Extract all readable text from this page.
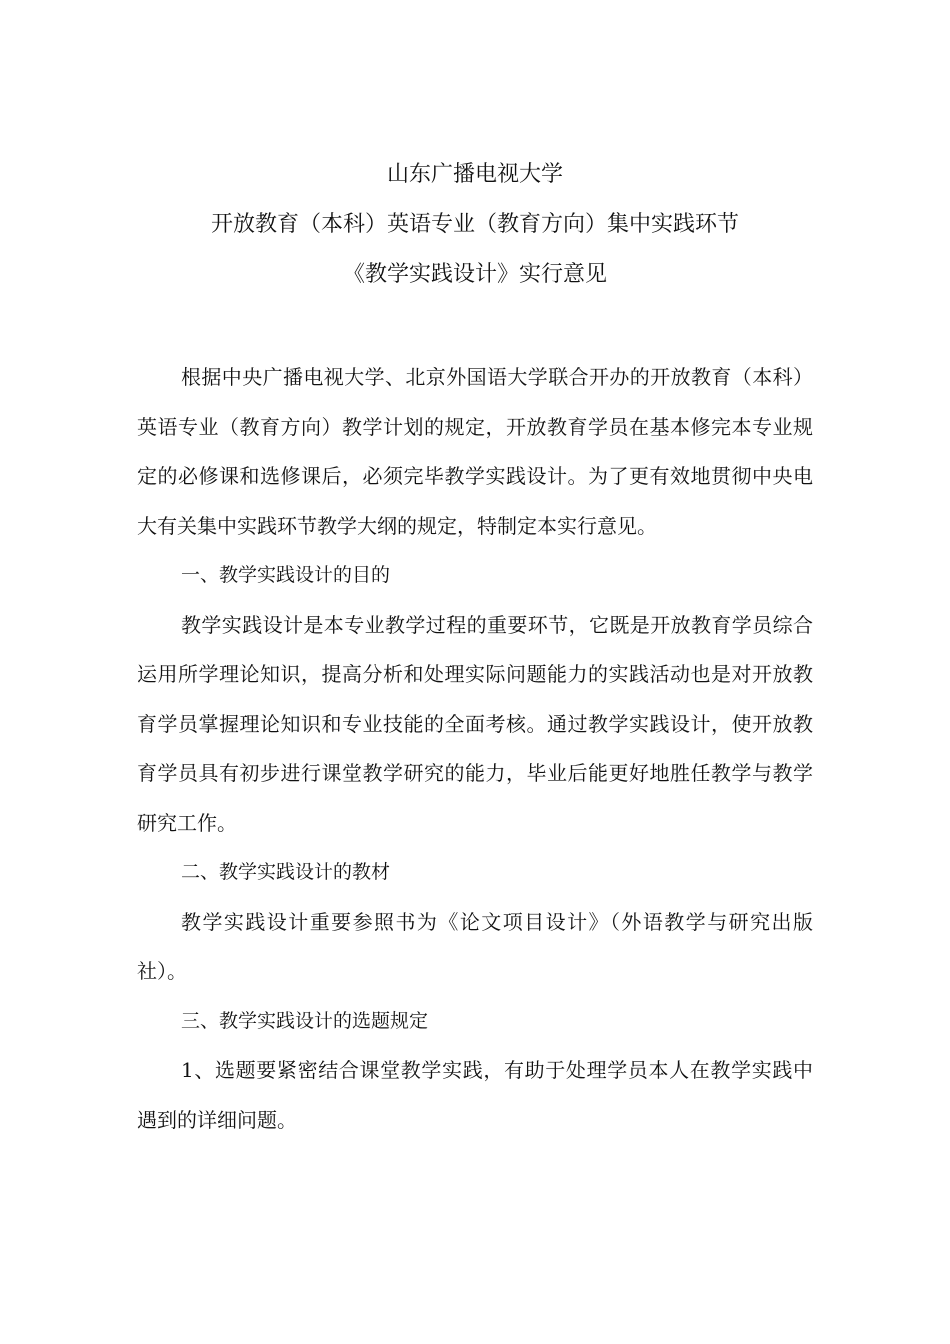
山东广播电视大学
开放教育（本科）英语专业（教育方向）集中实践环节
《教学实践设计》实行意见

根据中央广播电视大学、北京外国语大学联合开办的开放教育（本科）英语专业（教育方向）教学计划的规定，开放教育学员在基本修完本专业规定的必修课和选修课后，必须完毕教学实践设计。为了更有效地贯彻中央电大有关集中实践环节教学大纲的规定，特制定本实行意见。

一、教学实践设计的目的

教学实践设计是本专业教学过程的重要环节，它既是开放教育学员综合运用所学理论知识，提高分析和处理实际问题能力的实践活动也是对开放教育学员掌握理论知识和专业技能的全面考核。通过教学实践设计，使开放教育学员具有初步进行课堂教学研究的能力，毕业后能更好地胜任教学与教学研究工作。

二、教学实践设计的教材

教学实践设计重要参照书为《论文项目设计》（外语教学与研究出版社）。

三、教学实践设计的选题规定

1、选题要紧密结合课堂教学实践，有助于处理学员本人在教学实践中遇到的详细问题。
